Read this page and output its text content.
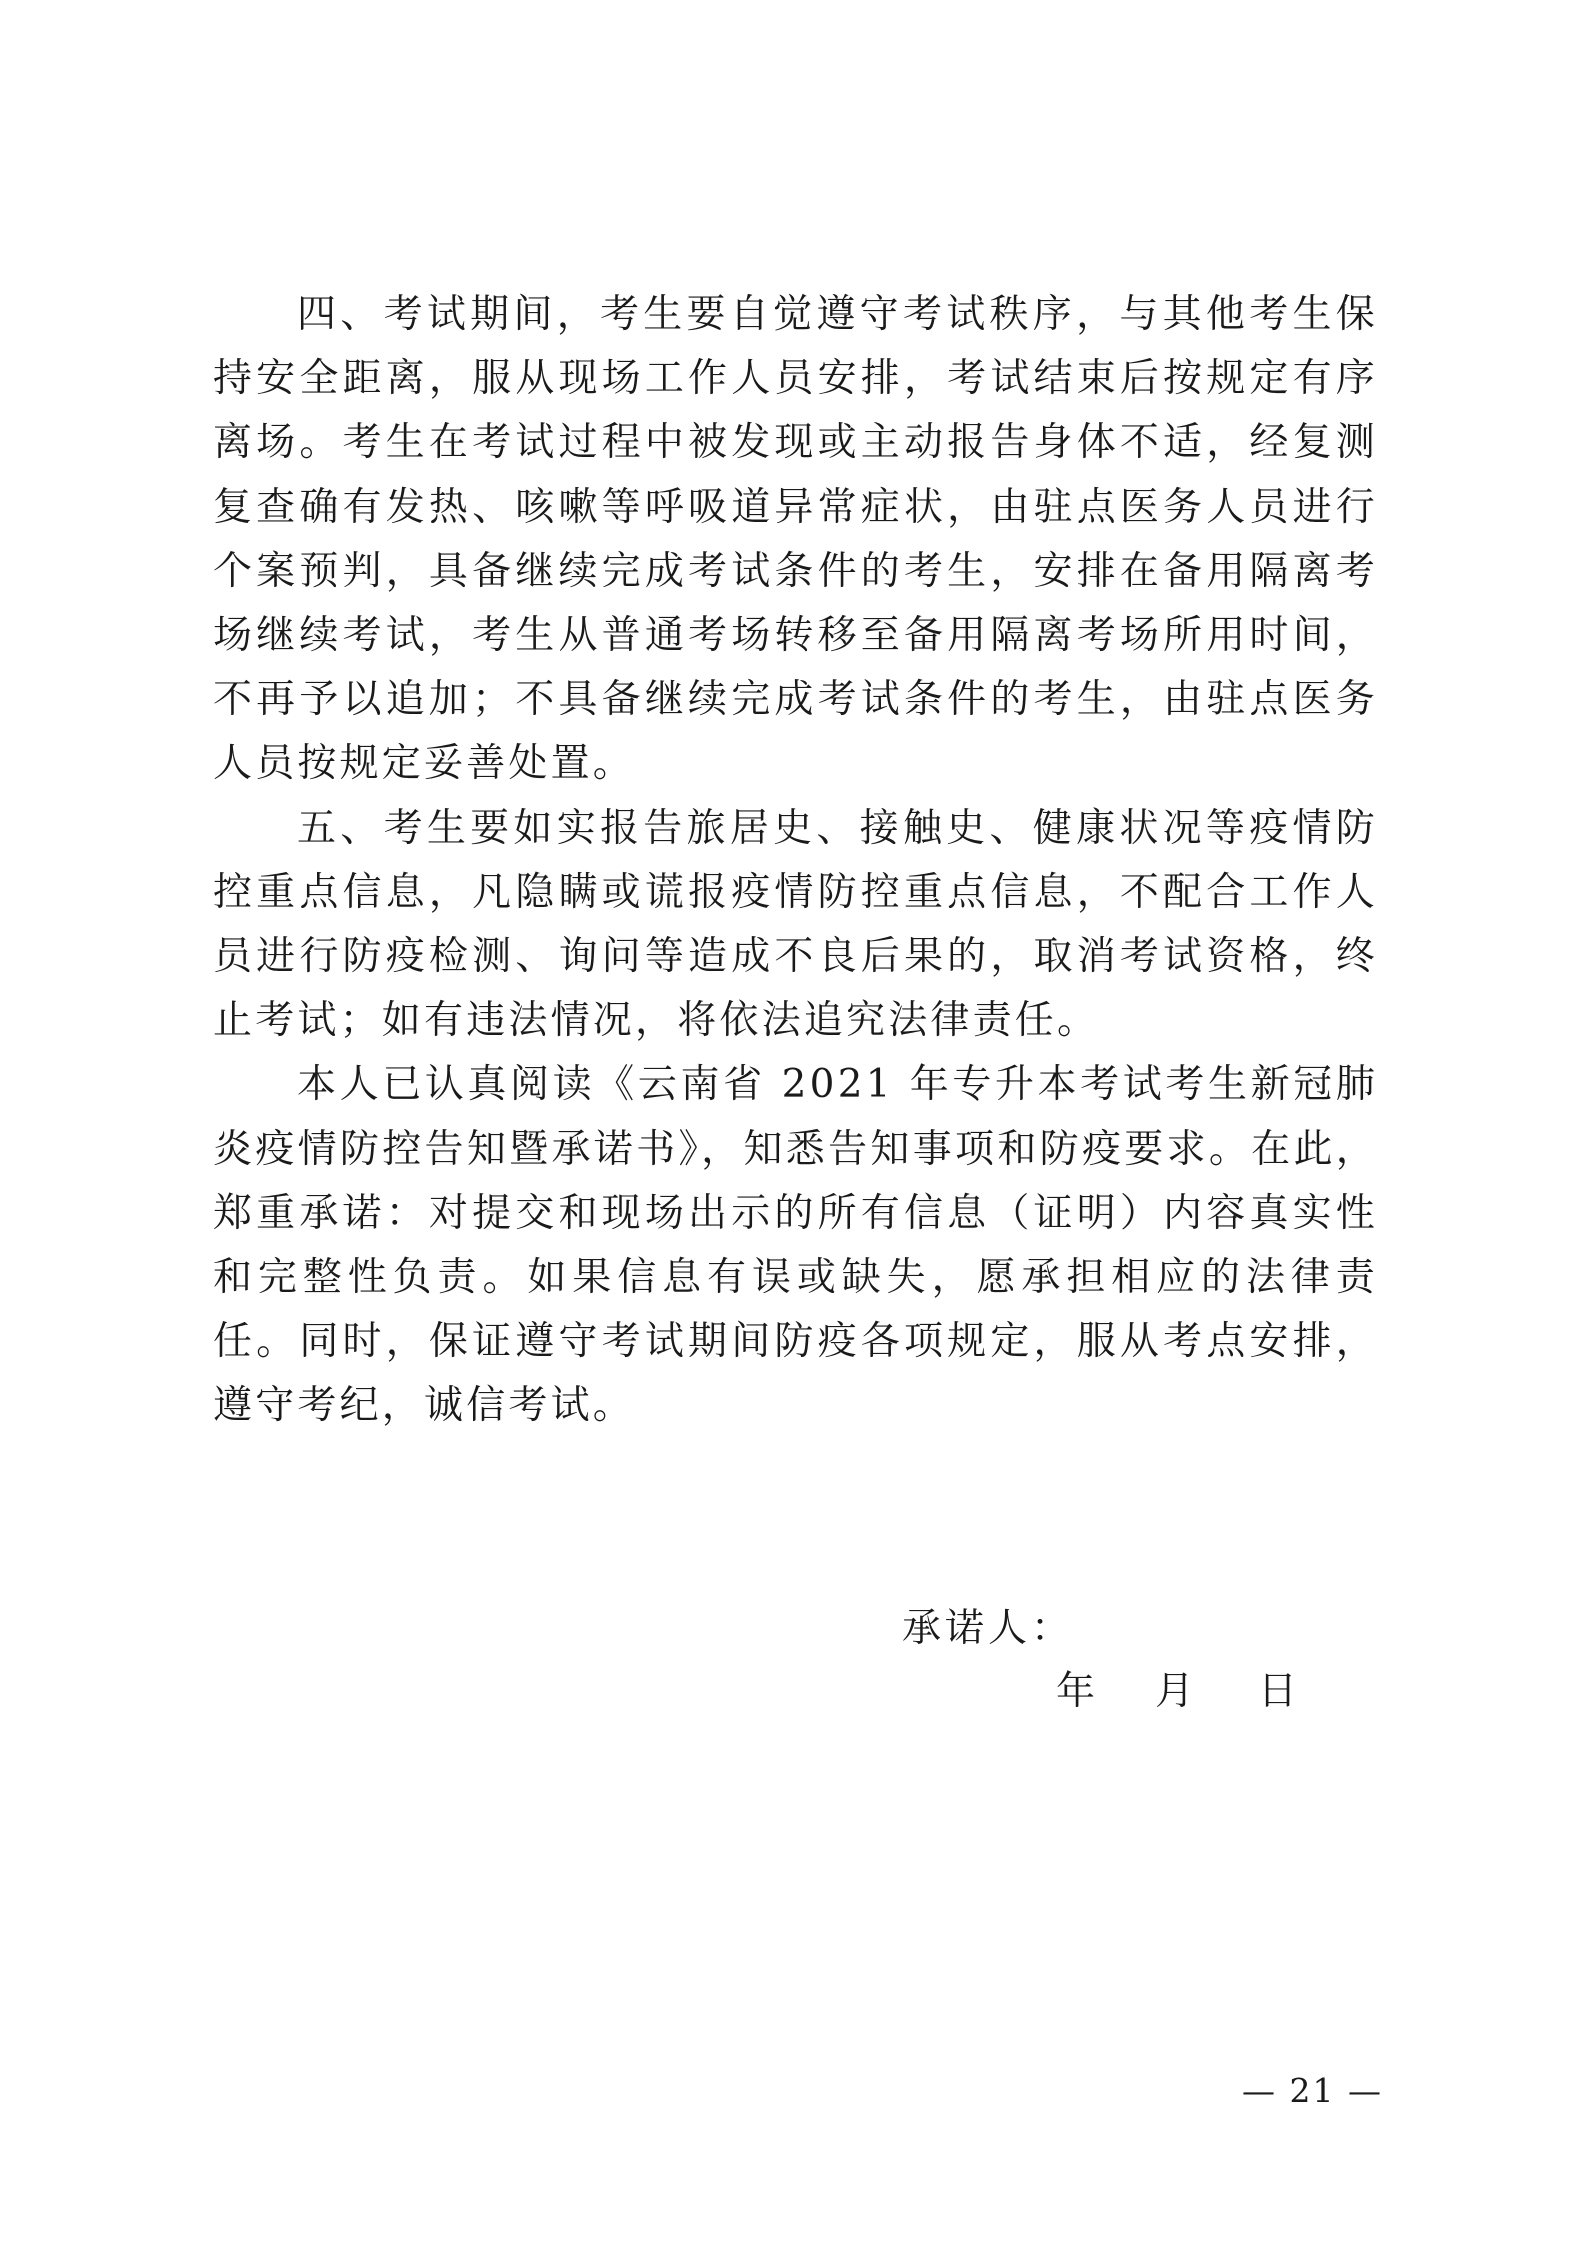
四、考试期间，考生要自觉遵守考试秩序，与其他考生保持安全距离，服从现场工作人员安排，考试结束后按规定有序离场。考生在考试过程中被发现或主动报告身体不适，经复测复查确有发热、咳嗽等呼吸道异常症状，由驻点医务人员进行个案预判，具备继续完成考试条件的考生，安排在备用隔离考场继续考试，考生从普通考场转移至备用隔离考场所用时间，不再予以追加；不具备继续完成考试条件的考生，由驻点医务人员按规定妥善处置。

五、考生要如实报告旅居史、接触史、健康状况等疫情防控重点信息，凡隐瞒或谎报疫情防控重点信息，不配合工作人员进行防疫检测、询问等造成不良后果的，取消考试资格，终止考试；如有违法情况，将依法追究法律责任。

本人已认真阅读《云南省 2021 年专升本考试考生新冠肺炎疫情防控告知暨承诺书》，知悉告知事项和防疫要求。在此，郑重承诺：对提交和现场出示的所有信息（证明）内容真实性和完整性负责。如果信息有误或缺失，愿承担相应的法律责任。同时，保证遵守考试期间防疫各项规定，服从考点安排，遵守考纪，诚信考试。

承诺人：
年 月 日
— 21 —
